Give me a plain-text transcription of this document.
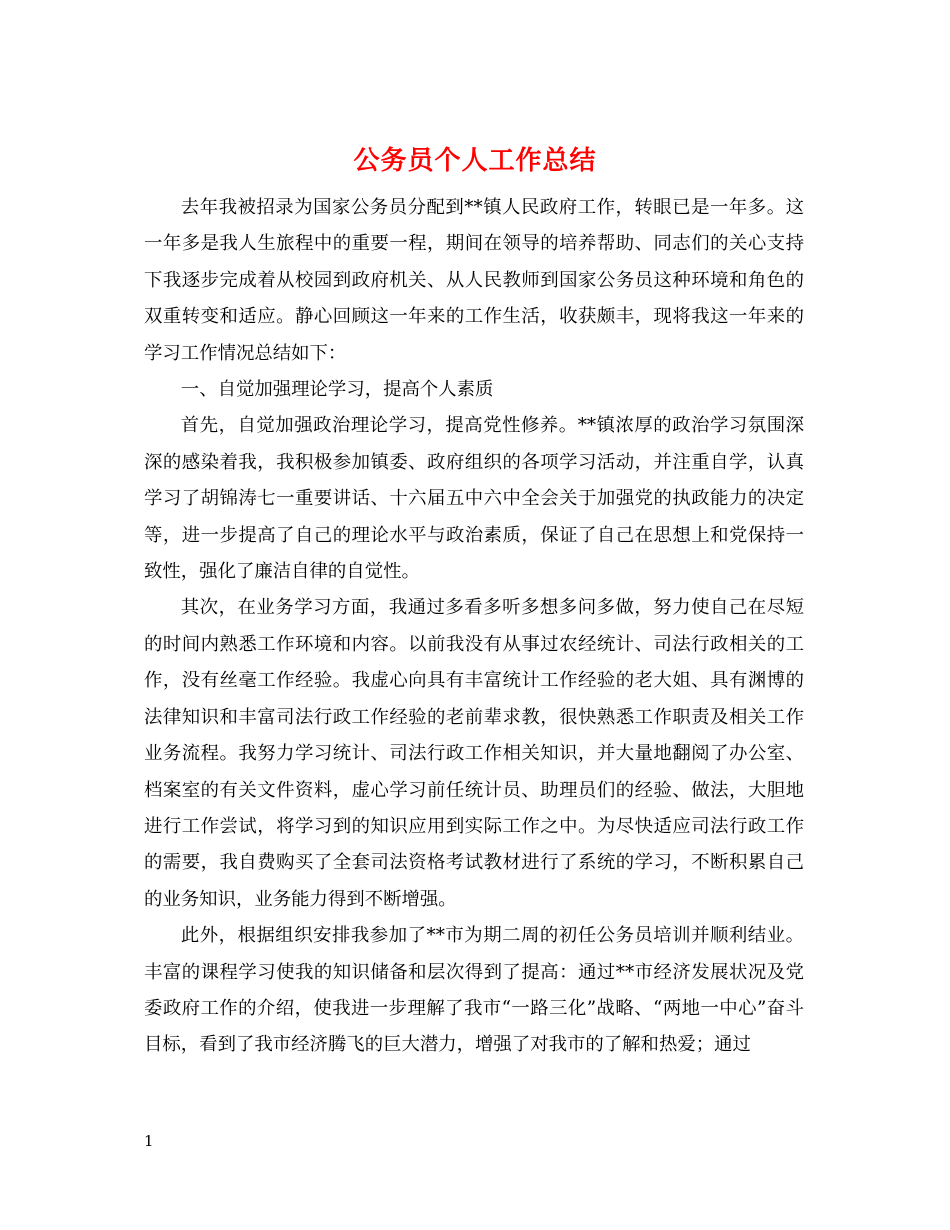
公务员个人工作总结

去年我被招录为国家公务员分配到**镇人民政府工作，转眼已是一年多。这一年多是我人生旅程中的重要一程，期间在领导的培养帮助、同志们的关心支持下我逐步完成着从校园到政府机关、从人民教师到国家公务员这种环境和角色的双重转变和适应。静心回顾这一年来的工作生活，收获颇丰，现将我这一年来的学习工作情况总结如下：

一、自觉加强理论学习，提高个人素质

首先，自觉加强政治理论学习，提高党性修养。**镇浓厚的政治学习氛围深深的感染着我，我积极参加镇委、政府组织的各项学习活动，并注重自学，认真学习了胡锦涛七一重要讲话、十六届五中六中全会关于加强党的执政能力的决定等，进一步提高了自己的理论水平与政治素质，保证了自己在思想上和党保持一致性，强化了廉洁自律的自觉性。

其次，在业务学习方面，我通过多看多听多想多问多做，努力使自己在尽短的时间内熟悉工作环境和内容。以前我没有从事过农经统计、司法行政相关的工作，没有丝毫工作经验。我虚心向具有丰富统计工作经验的老大姐、具有渊博的法律知识和丰富司法行政工作经验的老前辈求教，很快熟悉工作职责及相关工作业务流程。我努力学习统计、司法行政工作相关知识，并大量地翻阅了办公室、档案室的有关文件资料，虚心学习前任统计员、助理员们的经验、做法，大胆地进行工作尝试，将学习到的知识应用到实际工作之中。为尽快适应司法行政工作的需要，我自费购买了全套司法资格考试教材进行了系统的学习，不断积累自己的业务知识，业务能力得到不断增强。

此外，根据组织安排我参加了**市为期二周的初任公务员培训并顺利结业。丰富的课程学习使我的知识储备和层次得到了提高：通过**市经济发展状况及党委政府工作的介绍，使我进一步理解了我市“一路三化”战略、“两地一中心”奋斗目标，看到了我市经济腾飞的巨大潜力，增强了对我市的了解和热爱；通过

1
